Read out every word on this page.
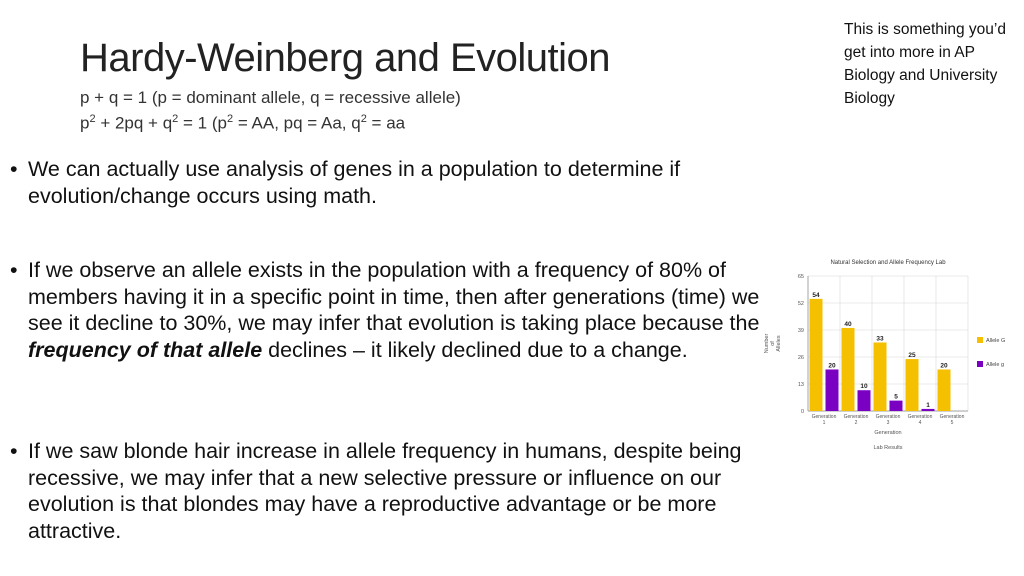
Hardy-Weinberg and Evolution
p + q = 1 (p = dominant allele, q = recessive allele)
$p^2 + 2pq + q^2 = 1$ ($p^2$ = AA, pq = Aa, $q^2$ = aa
This is something you’d get into more in AP Biology and University Biology
• We can actually use analysis of genes in a population to determine if evolution/change occurs using math.
• If we observe an allele exists in the population with a frequency of 80% of members having it in a specific point in time, then after generations (time) we see it decline to 30%, we may infer that evolution is taking place because the frequency of that allele declines – it likely declined due to a change.
• If we saw blonde hair increase in allele frequency in humans, despite being recessive, we may infer that a new selective pressure or influence on our evolution is that blondes may have a reproductive advantage or be more attractive.
Natural Selection and Allele Frequency Lab
0
13
26
39
52
65
Number of Alleles
54
20
Generation
1
40
10
Generation
2
33
5
Generation
3
25
1
Generation
4
20
Generation
5
Generation
Lab Results
Allele G
Allele g
